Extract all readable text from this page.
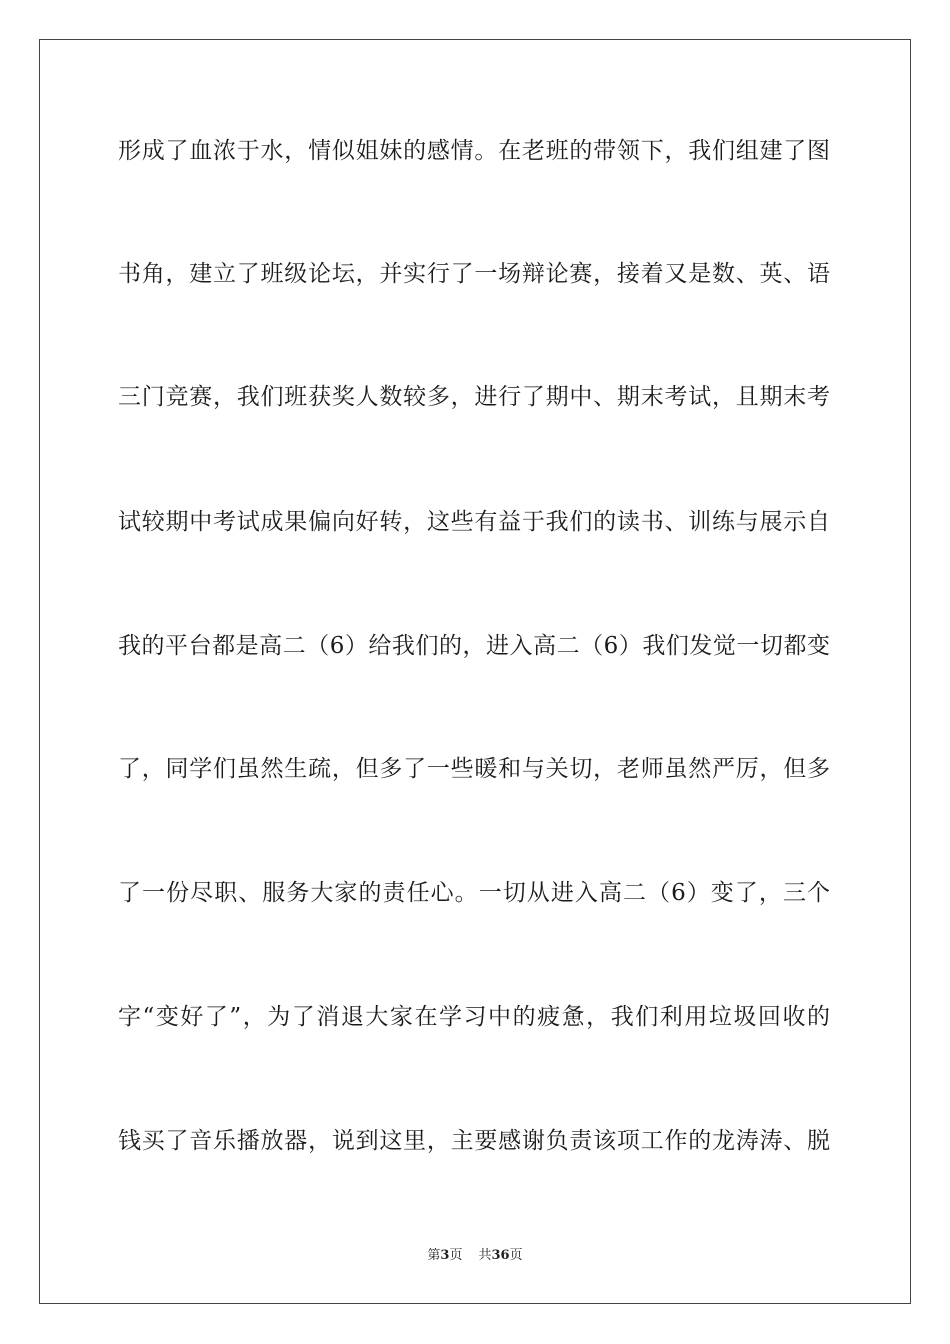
形成了血浓于水，情似姐妹的感情。在老班的带领下，我们组建了图
书角，建立了班级论坛，并实行了一场辩论赛，接着又是数、英、语
三门竞赛，我们班获奖人数较多，进行了期中、期末考试，且期末考
试较期中考试成果偏向好转，这些有益于我们的读书、训练与展示自
我的平台都是高二（6）给我们的，进入高二（6）我们发觉一切都变
了，同学们虽然生疏，但多了一些暖和与关切，老师虽然严厉，但多
了一份尽职、服务大家的责任心。一切从进入高二（6）变了，三个
字“变好了”，为了消退大家在学习中的疲惫，我们利用垃圾回收的
钱买了音乐播放器，说到这里，主要感谢负责该项工作的龙涛涛、脱
第3页 共36页
